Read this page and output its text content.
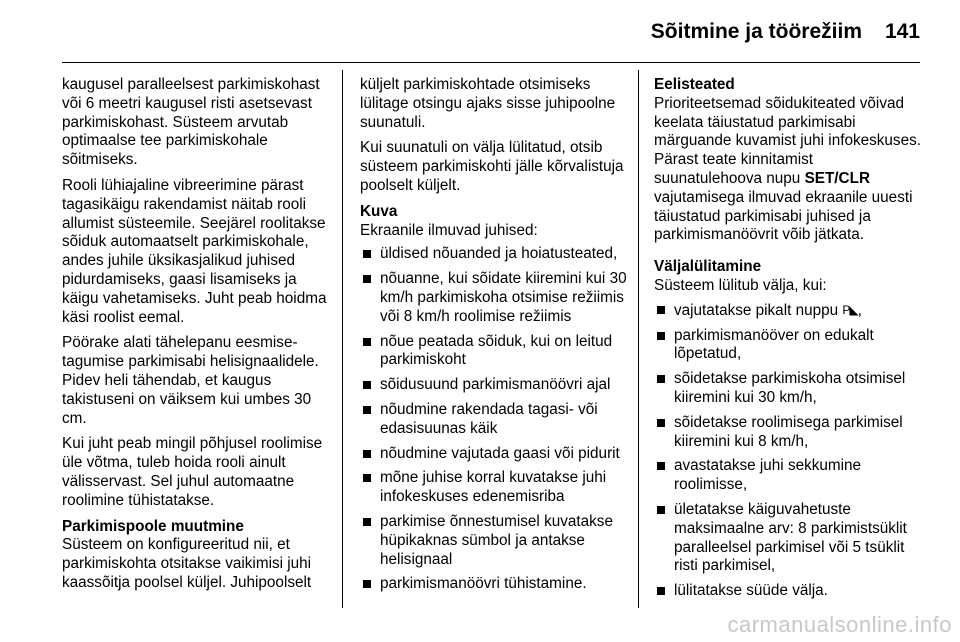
Sõitmine ja töörežiim 141

kaugusel paralleelsest parkimiskohast või 6 meetri kaugusel risti asetsevast parkimiskohast. Süsteem arvutab optimaalse tee parkimiskohale sõitmiseks.

Rooli lühiajaline vibreerimine pärast tagasikäigu rakendamist näitab rooli allumist süsteemile. Seejärel roolitakse sõiduk automaatselt parkimiskohale, andes juhile üksikasjalikud juhised pidurdamiseks, gaasi lisamiseks ja käigu vahetamiseks. Juht peab hoidma käsi roolist eemal.

Pöörake alati tähelepanu eesmise- tagumise parkimisabi helisignaalidele. Pidev heli tähendab, et kaugus takistuseni on väiksem kui umbes 30 cm.

Kui juht peab mingil põhjusel roolimise üle võtma, tuleb hoida rooli ainult välisservast. Sel juhul automaatne roolimine tühistatakse.

Parkimispoole muutmine

Süsteem on konfigureeritud nii, et parkimiskohta otsitakse vaikimisi juhi kaassõitja poolsel küljel. Juhipoolselt

küljelt parkimiskohtade otsimiseks lülitage otsingu ajaks sisse juhipoolne suunatuli.

Kui suunatuli on välja lülitatud, otsib süsteem parkimiskohti jälle kõrvalistuja poolselt küljelt.

Kuva

Ekraanile ilmuvad juhised:

üldised nõuanded ja hoiatusteated,
nõuanne, kui sõidate kiiremini kui 30 km/h parkimiskoha otsimise režiimis või 8 km/h roolimise režiimis
nõue peatada sõiduk, kui on leitud parkimiskoht
sõidusuund parkimismanöövri ajal
nõudmine rakendada tagasi- või edasisuunas käik
nõudmine vajutada gaasi või pidurit
mõne juhise korral kuvatakse juhi infokeskuses edenemisriba
parkimise õnnestumisel kuvatakse hüpikaknas sümbol ja antakse helisignaal
parkimismanöövri tühistamine.
Eelisteated

Prioriteetsemad sõidukiteated võivad keelata täiustatud parkimisabi märguande kuvamist juhi infokeskuses. Pärast teate kinnitamist suunatulehoova nupu SET/CLR vajutamisega ilmuvad ekraanile uuesti täiustatud parkimisabi juhised ja parkimismanöövrit võib jätkata.

Väljalülitamine

Süsteem lülitub välja, kui:

vajutatakse pikalt nuppu P◣,
parkimismanööver on edukalt lõpetatud,
sõidetakse parkimiskoha otsimisel kiiremini kui 30 km/h,
sõidetakse roolimisega parkimisel kiiremini kui 8 km/h,
avastatakse juhi sekkumine roolimisse,
ületatakse käiguvahetuste maksimaalne arv: 8 parkimistsüklit paralleelsel parkimisel või 5 tsüklit risti parkimisel,
lülitatakse süüde välja.
carmanualsonline.info
